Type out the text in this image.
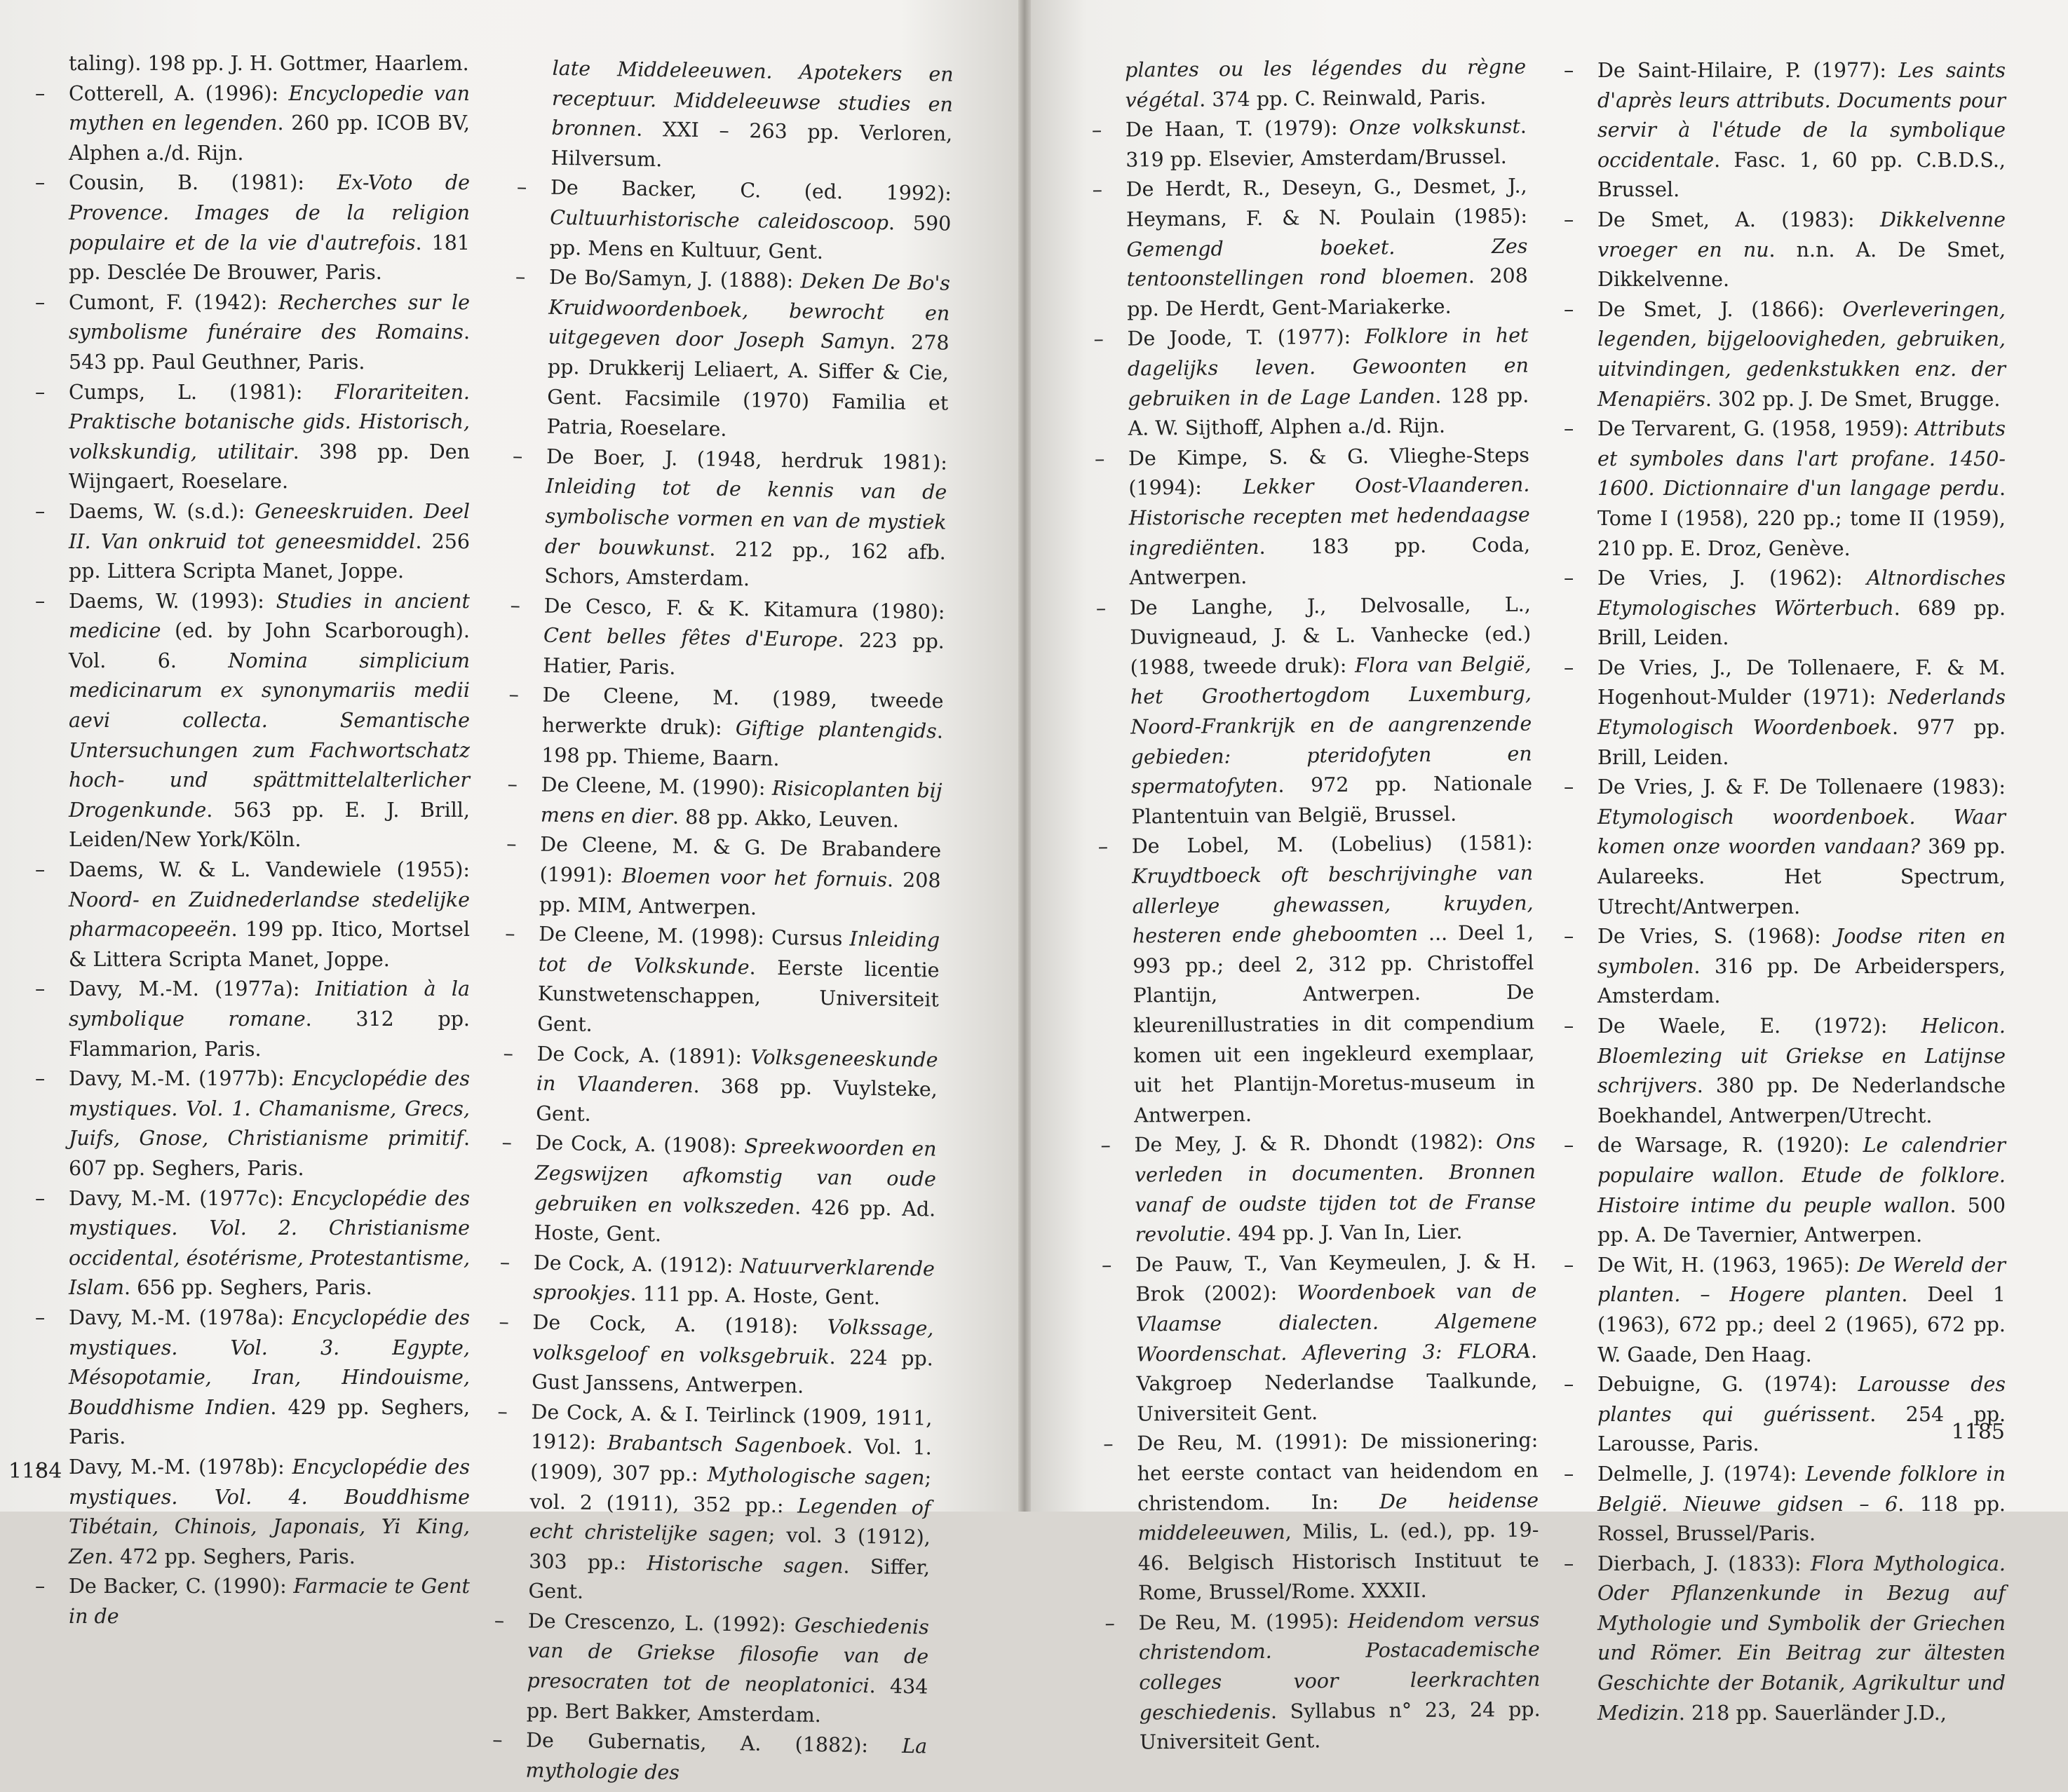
taling). 198 pp. J. H. Gottmer, Haarlem.
– Cotterell, A. (1996): Encyclopedie van mythen en legenden. 260 pp. ICOB BV, Alphen a./d. Rijn.
– Cousin, B. (1981): Ex-Voto de Provence. Images de la religion populaire et de la vie d'autrefois. 181 pp. Desclée De Brouwer, Paris.
– Cumont, F. (1942): Recherches sur le symbolisme funéraire des Romains. 543 pp. Paul Geuthner, Paris.
– Cumps, L. (1981): Florariteiten. Praktische botanische gids. Historisch, volkskundig, utilitair. 398 pp. Den Wijngaert, Roeselare.
– Daems, W. (s.d.): Geneeskruiden. Deel II. Van onkruid tot geneesmiddel. 256 pp. Littera Scripta Manet, Joppe.
– Daems, W. (1993): Studies in ancient medicine (ed. by John Scarborough). Vol. 6. Nomina simplicium medicinarum ex synonymariis medii aevi collecta. Semantische Untersuchungen zum Fachwortschatz hoch- und spättmittelalterlicher Drogenkunde. 563 pp. E. J. Brill, Leiden/New York/Köln.
– Daems, W. & L. Vandewiele (1955): Noord- en Zuidnederlandse stedelijke pharmacopeeën. 199 pp. Itico, Mortsel & Littera Scripta Manet, Joppe.
– Davy, M.-M. (1977a): Initiation à la symbolique romane. 312 pp. Flammarion, Paris.
– Davy, M.-M. (1977b): Encyclopédie des mystiques. Vol. 1. Chamanisme, Grecs, Juifs, Gnose, Christianisme primitif. 607 pp. Seghers, Paris.
– Davy, M.-M. (1977c): Encyclopédie des mystiques. Vol. 2. Christianisme occidental, ésotérisme, Protestantisme, Islam. 656 pp. Seghers, Paris.
– Davy, M.-M. (1978a): Encyclopédie des mystiques. Vol. 3. Egypte, Mésopotamie, Iran, Hindouisme, Bouddhisme Indien. 429 pp. Seghers, Paris.
– Davy, M.-M. (1978b): Encyclopédie des mystiques. Vol. 4. Bouddhisme Tibétain, Chinois, Japonais, Yi King, Zen. 472 pp. Seghers, Paris.
– De Backer, C. (1990): Farmacie te Gent in de
late Middeleeuwen. Apotekers en receptuur. Middeleeuwse studies en bronnen. XXI – 263 pp. Verloren, Hilversum.
– De Backer, C. (ed. 1992): Cultuurhistorische caleidoscoop. 590 pp. Mens en Kultuur, Gent.
– De Bo/Samyn, J. (1888): Deken De Bo's Kruidwoordenboek, bewrocht en uitgegeven door Joseph Samyn. 278 pp. Drukkerij Leliaert, A. Siffer & Cie, Gent. Facsimile (1970) Familia et Patria, Roeselare.
– De Boer, J. (1948, herdruk 1981): Inleiding tot de kennis van de symbolische vormen en van de mystiek der bouwkunst. 212 pp., 162 afb. Schors, Amsterdam.
– De Cesco, F. & K. Kitamura (1980): Cent belles fêtes d'Europe. 223 pp. Hatier, Paris.
– De Cleene, M. (1989, tweede herwerkte druk): Giftige plantengids. 198 pp. Thieme, Baarn.
– De Cleene, M. (1990): Risicoplanten bij mens en dier. 88 pp. Akko, Leuven.
– De Cleene, M. & G. De Brabandere (1991): Bloemen voor het fornuis. 208 pp. MIM, Antwerpen.
– De Cleene, M. (1998): Cursus Inleiding tot de Volkskunde. Eerste licentie Kunstwetenschappen, Universiteit Gent.
– De Cock, A. (1891): Volksgeneeskunde in Vlaanderen. 368 pp. Vuylsteke, Gent.
– De Cock, A. (1908): Spreekwoorden en Zegswijzen afkomstig van oude gebruiken en volkszeden. 426 pp. Ad. Hoste, Gent.
– De Cock, A. (1912): Natuurverklarende sprookjes. 111 pp. A. Hoste, Gent.
– De Cock, A. (1918): Volkssage, volksgeloof en volksgebruik. 224 pp. Gust Janssens, Antwerpen.
– De Cock, A. & I. Teirlinck (1909, 1911, 1912): Brabantsch Sagenboek. Vol. 1. (1909), 307 pp.: Mythologische sagen; vol. 2 (1911), 352 pp.: Legenden of echt christelijke sagen; vol. 3 (1912), 303 pp.: Historische sagen. Siffer, Gent.
– De Crescenzo, L. (1992): Geschiedenis van de Griekse filosofie van de presocraten tot de neoplatonici. 434 pp. Bert Bakker, Amsterdam.
– De Gubernatis, A. (1882): La mythologie des
1184
plantes ou les légendes du règne végétal. 374 pp. C. Reinwald, Paris.
– De Haan, T. (1979): Onze volkskunst. 319 pp. Elsevier, Amsterdam/Brussel.
– De Herdt, R., Deseyn, G., Desmet, J., Heymans, F. & N. Poulain (1985): Gemengd boeket. Zes tentoonstellingen rond bloemen. 208 pp. De Herdt, Gent-Mariakerke.
– De Joode, T. (1977): Folklore in het dagelijks leven. Gewoonten en gebruiken in de Lage Landen. 128 pp. A. W. Sijthoff, Alphen a./d. Rijn.
– De Kimpe, S. & G. Vlieghe-Steps (1994): Lekker Oost-Vlaanderen. Historische recepten met hedendaagse ingrediënten. 183 pp. Coda, Antwerpen.
– De Langhe, J., Delvosalle, L., Duvigneaud, J. & L. Vanhecke (ed.) (1988, tweede druk): Flora van België, het Groothertogdom Luxemburg, Noord-Frankrijk en de aangrenzende gebieden: pteridofyten en spermatofyten. 972 pp. Nationale Plantentuin van België, Brussel.
– De Lobel, M. (Lobelius) (1581): Kruydtboeck oft beschrijvinghe van allerleye ghewassen, kruyden, hesteren ende gheboomten ... Deel 1, 993 pp.; deel 2, 312 pp. Christoffel Plantijn, Antwerpen. De kleurenillustraties in dit compendium komen uit een ingekleurd exemplaar, uit het Plantijn-Moretus-museum in Antwerpen.
– De Mey, J. & R. Dhondt (1982): Ons verleden in documenten. Bronnen vanaf de oudste tijden tot de Franse revolutie. 494 pp. J. Van In, Lier.
– De Pauw, T., Van Keymeulen, J. & H. Brok (2002): Woordenboek van de Vlaamse dialecten. Algemene Woordenschat. Aflevering 3: FLORA. Vakgroep Nederlandse Taalkunde, Universiteit Gent.
– De Reu, M. (1991): De missionering: het eerste contact van heidendom en christendom. In: De heidense middeleeuwen, Milis, L. (ed.), pp. 19-46. Belgisch Historisch Instituut te Rome, Brussel/Rome. XXXII.
– De Reu, M. (1995): Heidendom versus christendom. Postacademische colleges voor leerkrachten geschiedenis. Syllabus n° 23, 24 pp. Universiteit Gent.
– De Saint-Hilaire, P. (1977): Les saints d'après leurs attributs. Documents pour servir à l'étude de la symbolique occidentale. Fasc. 1, 60 pp. C.B.D.S., Brussel.
– De Smet, A. (1983): Dikkelvenne vroeger en nu. n.n. A. De Smet, Dikkelvenne.
– De Smet, J. (1866): Overleveringen, legenden, bijgeloovigheden, gebruiken, uitvindingen, gedenkstukken enz. der Menapiërs. 302 pp. J. De Smet, Brugge.
– De Tervarent, G. (1958, 1959): Attributs et symboles dans l'art profane. 1450-1600. Dictionnaire d'un langage perdu. Tome I (1958), 220 pp.; tome II (1959), 210 pp. E. Droz, Genève.
– De Vries, J. (1962): Altnordisches Etymologisches Wörterbuch. 689 pp. Brill, Leiden.
– De Vries, J., De Tollenaere, F. & M. Hogenhout-Mulder (1971): Nederlands Etymologisch Woordenboek. 977 pp. Brill, Leiden.
– De Vries, J. & F. De Tollenaere (1983): Etymologisch woordenboek. Waar komen onze woorden vandaan? 369 pp. Aulareeks. Het Spectrum, Utrecht/Antwerpen.
– De Vries, S. (1968): Joodse riten en symbolen. 316 pp. De Arbeiderspers, Amsterdam.
– De Waele, E. (1972): Helicon. Bloemlezing uit Griekse en Latijnse schrijvers. 380 pp. De Nederlandsche Boekhandel, Antwerpen/Utrecht.
– de Warsage, R. (1920): Le calendrier populaire wallon. Etude de folklore. Histoire intime du peuple wallon. 500 pp. A. De Tavernier, Antwerpen.
– De Wit, H. (1963, 1965): De Wereld der planten. – Hogere planten. Deel 1 (1963), 672 pp.; deel 2 (1965), 672 pp. W. Gaade, Den Haag.
– Debuigne, G. (1974): Larousse des plantes qui guérissent. 254 pp. Larousse, Paris.
– Delmelle, J. (1974): Levende folklore in België. Nieuwe gidsen – 6. 118 pp. Rossel, Brussel/Paris.
– Dierbach, J. (1833): Flora Mythologica. Oder Pflanzenkunde in Bezug auf Mythologie und Symbolik der Griechen und Römer. Ein Beitrag zur ältesten Geschichte der Botanik, Agrikultur und Medizin. 218 pp. Sauerländer J.D.,
1185
